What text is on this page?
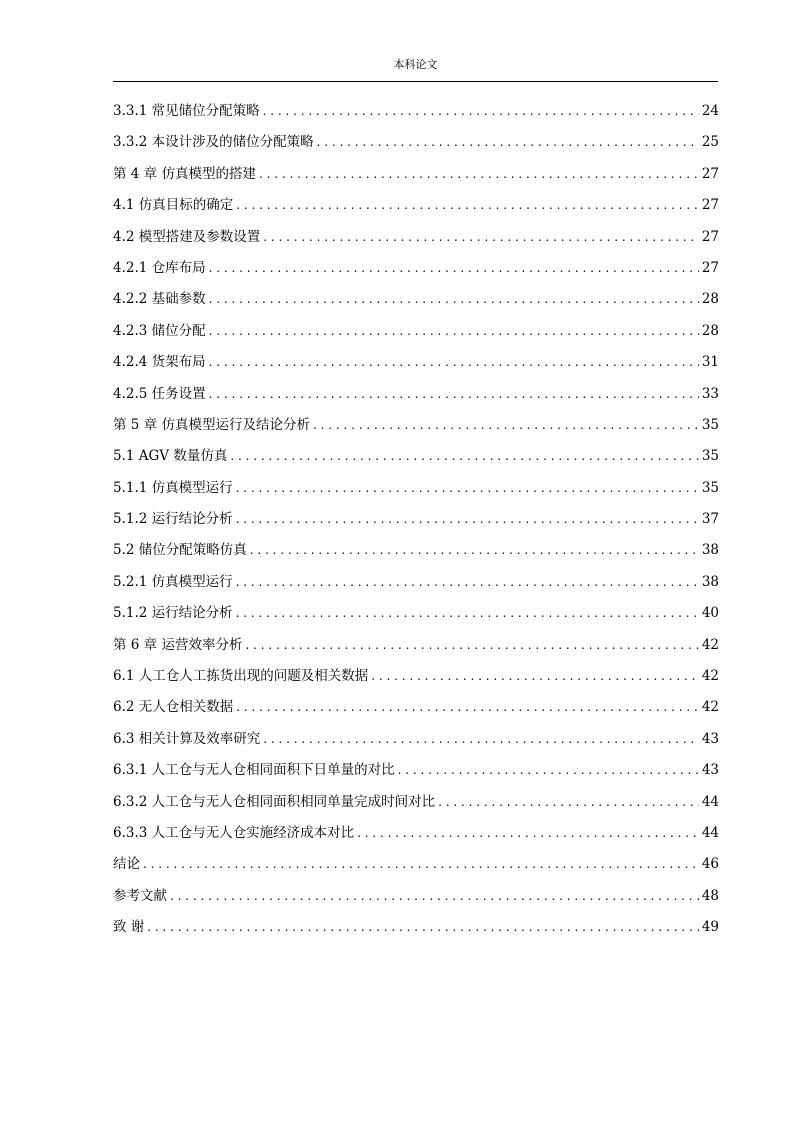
本科论文
3.3.1 常见储位分配策略 . . .	24
3.3.2 本设计涉及的储位分配策略 . . .	25
第 4 章 仿真模型的搭建 . . .	27
4.1 仿真目标的确定 . . .	27
4.2 模型搭建及参数设置 . . .	27
4.2.1 仓库布局 . . .	27
4.2.2 基础参数 . . .	28
4.2.3 储位分配 . . .	28
4.2.4 货架布局 . . .	31
4.2.5 任务设置 . . .	33
第 5 章 仿真模型运行及结论分析 . . .	35
5.1 AGV 数量仿真 . . .	35
5.1.1 仿真模型运行 . . .	35
5.1.2 运行结论分析 . . .	37
5.2 储位分配策略仿真 . . .	38
5.2.1 仿真模型运行 . . .	38
5.1.2 运行结论分析 . . .	40
第 6 章 运营效率分析 . . .	42
6.1 人工仓人工拣货出现的问题及相关数据 . . .	42
6.2 无人仓相关数据 . . .	42
6.3 相关计算及效率研究 . . .	43
6.3.1 人工仓与无人仓相同面积下日单量的对比 . . .	43
6.3.2 人工仓与无人仓相同面积相同单量完成时间对比 . . .	44
6.3.3 人工仓与无人仓实施经济成本对比 . . .	44
结论 . . .	46
参考文献 . . .	48
致 谢 . . .	49
